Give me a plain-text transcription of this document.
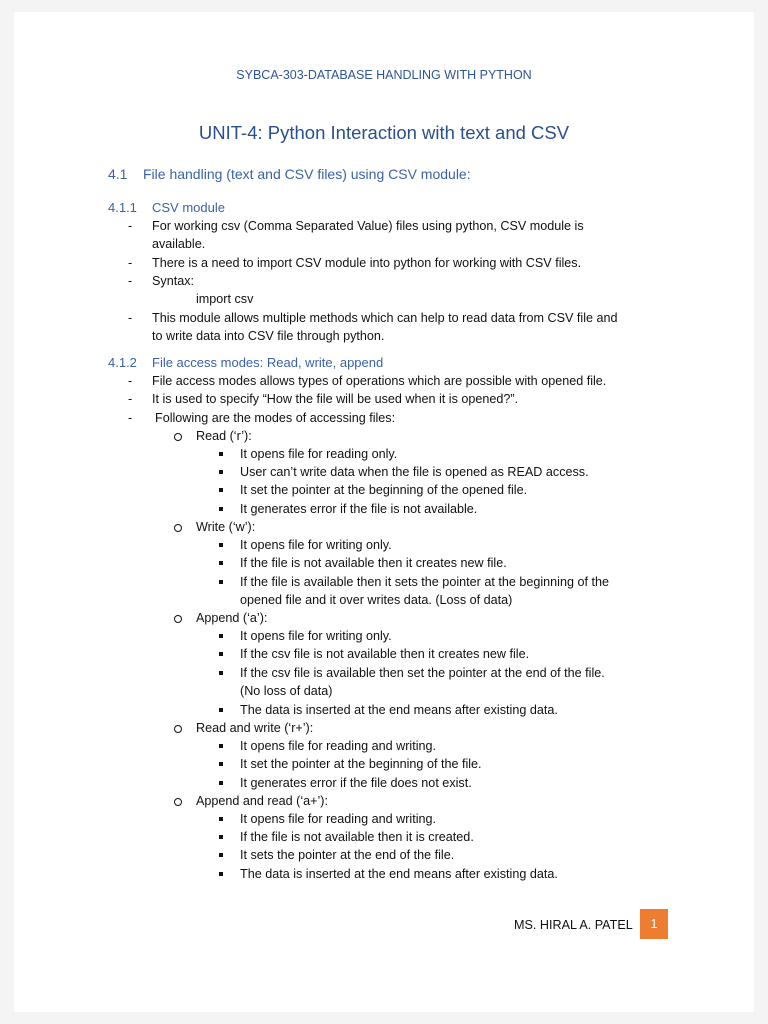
SYBCA-303-DATABASE HANDLING WITH PYTHON
UNIT-4: Python Interaction with text and CSV
4.1 File handling (text and CSV files) using CSV module:
4.1.1 CSV module
- For working csv (Comma Separated Value) files using python, CSV module is
available.
- There is a need to import CSV module into python for working with CSV files.
- Syntax:
import csv
- This module allows multiple methods which can help to read data from CSV file and
to write data into CSV file through python.
4.1.2 File access modes: Read, write, append
- File access modes allows types of operations which are possible with opened file.
- It is used to specify “How the file will be used when it is opened?”.
- Following are the modes of accessing files:
Read (‘r’):
It opens file for reading only.
User can’t write data when the file is opened as READ access.
It set the pointer at the beginning of the opened file.
It generates error if the file is not available.
Write (‘w’):
It opens file for writing only.
If the file is not available then it creates new file.
If the file is available then it sets the pointer at the beginning of the
opened file and it over writes data. (Loss of data)
Append (‘a’):
It opens file for writing only.
If the csv file is not available then it creates new file.
If the csv file is available then set the pointer at the end of the file.
(No loss of data)
The data is inserted at the end means after existing data.
Read and write (‘r+’):
It opens file for reading and writing.
It set the pointer at the beginning of the file.
It generates error if the file does not exist.
Append and read (‘a+’):
It opens file for reading and writing.
If the file is not available then it is created.
It sets the pointer at the end of the file.
The data is inserted at the end means after existing data.
MS. HIRAL A. PATEL	1
